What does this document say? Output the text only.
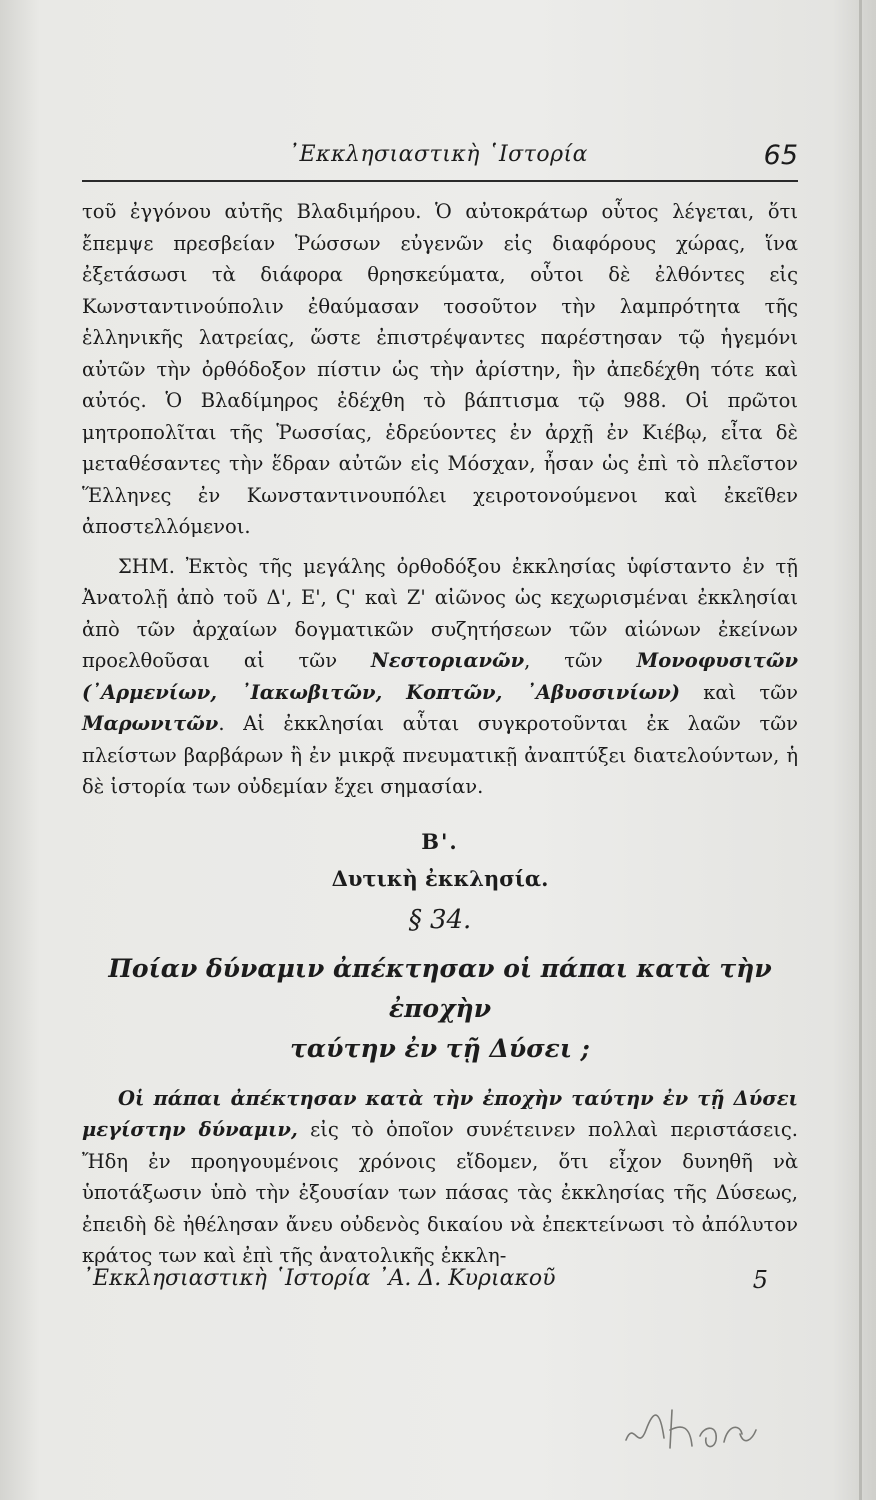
᾿Εκκλησιαστικὴ ῾Ιστορία	65

τοῦ ἐγγόνου αὐτῆς Βλαδιμήρου. Ὁ αὐτοκράτωρ οὗτος λέγεται, ὅτι ἔπεμψε πρεσβείαν Ῥώσσων εὐγενῶν εἰς διαφόρους χώρας, ἵνα ἐξετάσωσι τὰ διάφορα θρησκεύματα, οὗτοι δὲ ἐλθόντες εἰς Κωνσταντινούπολιν ἐθαύμασαν τοσοῦτον τὴν λαμπρότητα τῆς ἑλληνικῆς λατρείας, ὥστε ἐπιστρέψαντες παρέστησαν τῷ ἡγεμόνι αὐτῶν τὴν ὀρθόδοξον πίστιν ὡς τὴν ἀρίστην, ἣν ἀπεδέχθη τότε καὶ αὐτός. Ὁ Βλαδίμηρος ἐδέχθη τὸ βάπτισμα τῷ 988. Οἱ πρῶτοι μητροπολῖται τῆς Ῥωσσίας, ἑδρεύοντες ἐν ἀρχῇ ἐν Κιέβῳ, εἶτα δὲ μεταθέσαντες τὴν ἕδραν αὐτῶν εἰς Μόσχαν, ἦσαν ὡς ἐπὶ τὸ πλεῖστον Ἕλληνες ἐν Κωνσταντινουπόλει χειροτονούμενοι καὶ ἐκεῖθεν ἀποστελλόμενοι.

ΣΗΜ. Ἐκτὸς τῆς μεγάλης ὀρθοδόξου ἐκκλησίας ὑφίσταντο ἐν τῇ Ἀνατολῇ ἀπὸ τοῦ Δ', Ε', Ϛ' καὶ Ζ' αἰῶνος ὡς κεχωρισμέναι ἐκκλησίαι ἀπὸ τῶν ἀρχαίων δογματικῶν συζητήσεων τῶν αἰώνων ἐκείνων προελθοῦσαι αἱ τῶν Νεστοριανῶν, τῶν Μονοφυσιτῶν (᾿Αρμενίων, ᾿Ιακωβιτῶν, Κοπτῶν, ᾿Αβυσσινίων) καὶ τῶν Μαρωνιτῶν. Αἱ ἐκκλησίαι αὗται συγκροτοῦνται ἐκ λαῶν τῶν πλείστων βαρβάρων ἢ ἐν μικρᾷ πνευματικῇ ἀναπτύξει διατελούντων, ἡ δὲ ἱστορία των οὐδεμίαν ἔχει σημασίαν.

Β'.
Δυτικὴ ἐκκλησία.
§ 34.
Ποίαν δύναμιν ἀπέκτησαν οἱ πάπαι κατὰ τὴν ἐποχὴν
ταύτην ἐν τῇ Δύσει ;

Οἱ πάπαι ἀπέκτησαν κατὰ τὴν ἐποχὴν ταύτην ἐν τῇ Δύσει μεγίστην δύναμιν, εἰς τὸ ὁποῖον συνέτεινεν πολλαὶ περιστάσεις. Ἤδη ἐν προηγουμένοις χρόνοις εἴδομεν, ὅτι εἶχον δυνηθῆ νὰ ὑποτάξωσιν ὑπὸ τὴν ἐξουσίαν των πάσας τὰς ἐκκλησίας τῆς Δύσεως, ἐπειδὴ δὲ ἠθέλησαν ἄνευ οὐδενὸς δικαίου νὰ ἐπεκτείνωσι τὸ ἀπόλυτον κράτος των καὶ ἐπὶ τῆς ἀνατολικῆς ἐκκλη-

᾿Εκκλησιαστικὴ ῾Ιστορία ᾿Α. Δ. Κυριακοῦ	5
